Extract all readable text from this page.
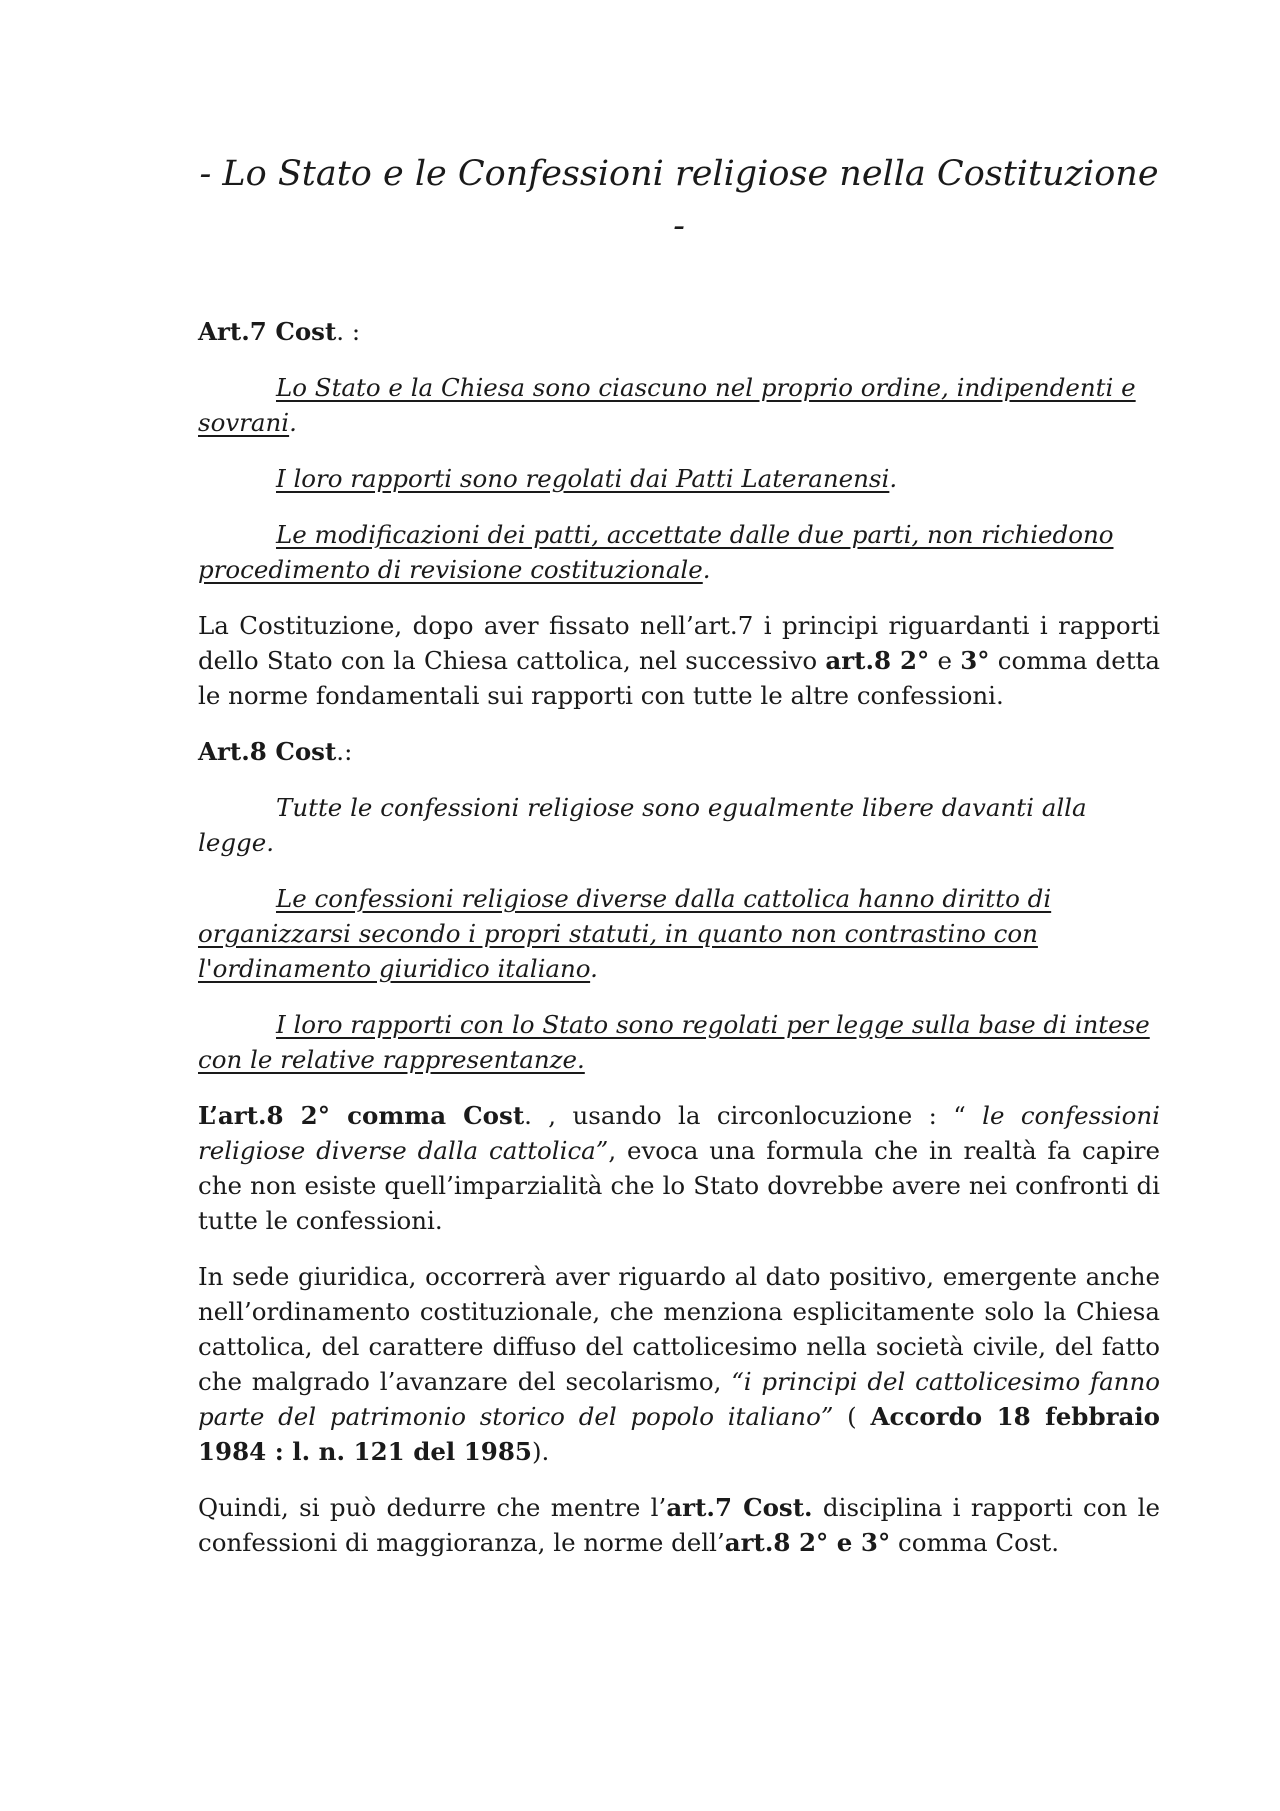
- Lo Stato e le Confessioni religiose nella Costituzione
-

Art.7 Cost. :

Lo Stato e la Chiesa sono ciascuno nel proprio ordine, indipendenti e sovrani.

I loro rapporti sono regolati dai Patti Lateranensi.

Le modificazioni dei patti, accettate dalle due parti, non richiedono procedimento di revisione costituzionale.

La Costituzione, dopo aver fissato nell’art.7 i principi riguardanti i rapporti dello Stato con la Chiesa cattolica, nel successivo art.8 2° e 3° comma detta le norme fondamentali sui rapporti con tutte le altre confessioni.

Art.8 Cost.:

Tutte le confessioni religiose sono egualmente libere davanti alla legge.

Le confessioni religiose diverse dalla cattolica hanno diritto di organizzarsi secondo i propri statuti, in quanto non contrastino con l'ordinamento giuridico italiano.

I loro rapporti con lo Stato sono regolati per legge sulla base di intese con le relative rappresentanze.

L’art.8 2° comma Cost. , usando la circonlocuzione : “ le confessioni religiose diverse dalla cattolica”, evoca una formula che in realtà fa capire che non esiste quell’imparzialità che lo Stato dovrebbe avere nei confronti di tutte le confessioni.

In sede giuridica, occorrerà aver riguardo al dato positivo, emergente anche nell’ordinamento costituzionale, che menziona esplicitamente solo la Chiesa cattolica, del carattere diffuso del cattolicesimo nella società civile, del fatto che malgrado l’avanzare del secolarismo, “i principi del cattolicesimo fanno parte del patrimonio storico del popolo italiano” ( Accordo 18 febbraio 1984 : l. n. 121 del 1985).

Quindi, si può dedurre che mentre l’art.7 Cost. disciplina i rapporti con le confessioni di maggioranza, le norme dell’art.8 2° e 3° comma Cost.
